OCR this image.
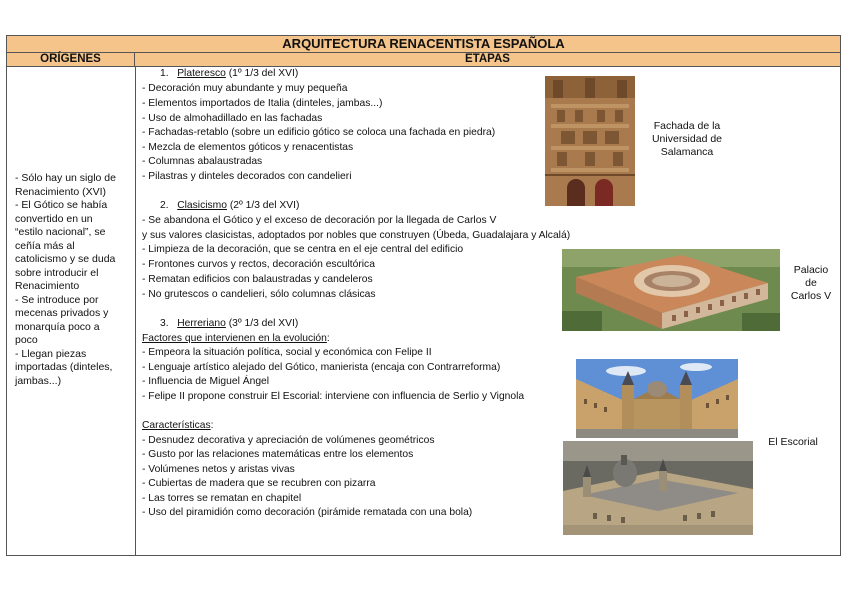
ARQUITECTURA RENACENTISTA ESPAÑOLA
ORÍGENES	ETAPAS
- Sólo hay un siglo de
Renacimiento (XVI)
- El Gótico se había
convertido en un
“estilo nacional”, se
ceñía más al
catolicismo y se duda
sobre introducir el
Renacimiento
- Se introduce por
mecenas privados y
monarquía poco a
poco
- Llegan piezas
importadas (dinteles,
jambas...)
1. Plateresco (1º 1/3 del XVI)
- Decoración muy abundante y muy pequeña
- Elementos importados de Italia (dinteles, jambas...)
- Uso de almohadillado en las fachadas
- Fachadas-retablo (sobre un edificio gótico se coloca una fachada en piedra)
- Mezcla de elementos góticos y renacentistas
- Columnas abalaustradas
- Pilastras y dinteles decorados con candelieri
2. Clasicismo (2º 1/3 del XVI)
- Se abandona el Gótico y el exceso de decoración por la llegada de Carlos V
y sus valores clasicistas, adoptados por nobles que construyen (Úbeda, Guadalajara y Alcalá)
- Limpieza de la decoración, que se centra en el eje central del edificio
- Frontones curvos y rectos, decoración escultórica
- Rematan edificios con balaustradas y candeleros
- No grutescos o candelieri, sólo columnas clásicas
3. Herreriano (3º 1/3 del XVI)
Factores que intervienen en la evolución:
- Empeora la situación política, social y económica con Felipe II
- Lenguaje artístico alejado del Gótico, manierista (encaja con Contrarreforma)
- Influencia de Miguel Ángel
- Felipe II propone construir El Escorial: interviene con influencia de Serlio y Vignola
Características:
- Desnudez decorativa y apreciación de volúmenes geométricos
- Gusto por las relaciones matemáticas entre los elementos
- Volúmenes netos y aristas vivas
- Cubiertas de madera que se recubren con pizarra
- Las torres se rematan en chapitel
- Uso del piramidión como decoración (pirámide rematada con una bola)
Fachada de la
Universidad de
Salamanca
Palacio
de
Carlos V
El Escorial
